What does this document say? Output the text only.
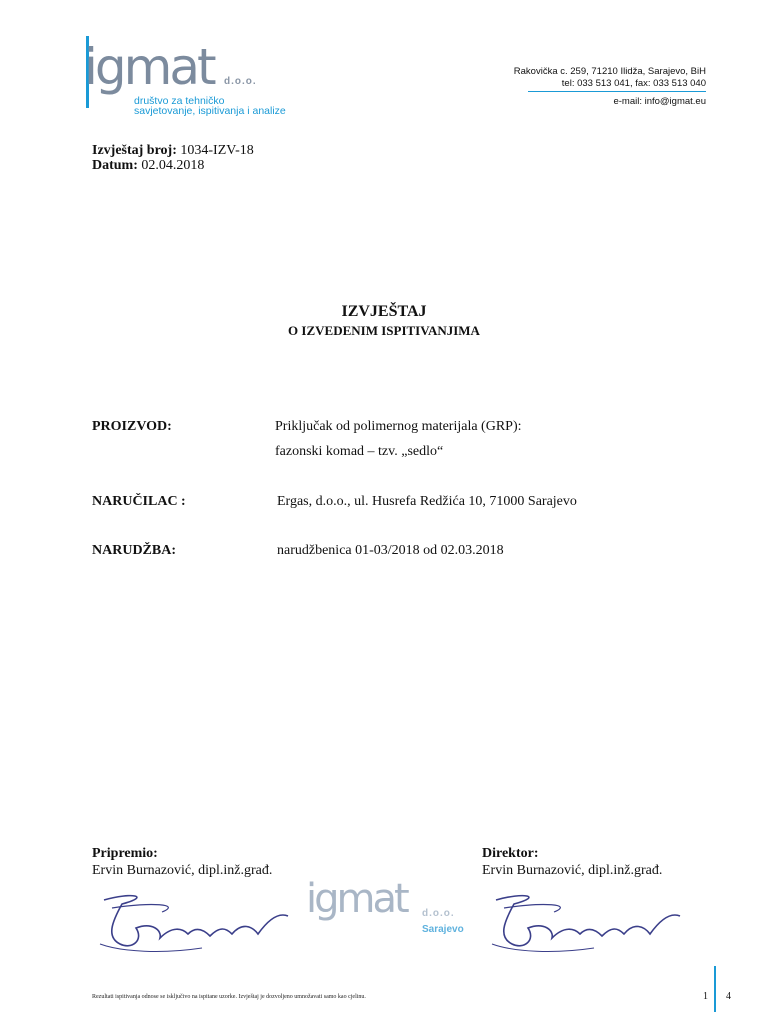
igmat d.o.o.
društvo za tehničko
savjetovanje, ispitivanja i analize
Rakovička c. 259, 71210 Ilidža, Sarajevo, BiH
tel: 033 513 041, fax: 033 513 040
e-mail: info@igmat.eu
Izvještaj broj: 1034-IZV-18
Datum: 02.04.2018
IZVJEŠTAJ
O IZVEDENIM ISPITIVANJIMA
PROIZVOD:	Priključak od polimernog materijala (GRP):
fazonski komad – tzv. „sedlo“
NARUČILAC :	Ergas, d.o.o., ul. Husrefa Redžića 10, 71000 Sarajevo
NARUDŽBA:	narudžbenica 01-03/2018 od 02.03.2018
Pripremio:
Ervin Burnazović, dipl.inž.građ.
Direktor:
Ervin Burnazović, dipl.inž.građ.
igmat d.o.o.
Sarajevo
Rezultati ispitivanja odnose se isključivo na ispitane uzorke. Izvještaj je dozvoljeno umnožavati samo kao cjelinu.	1 4
